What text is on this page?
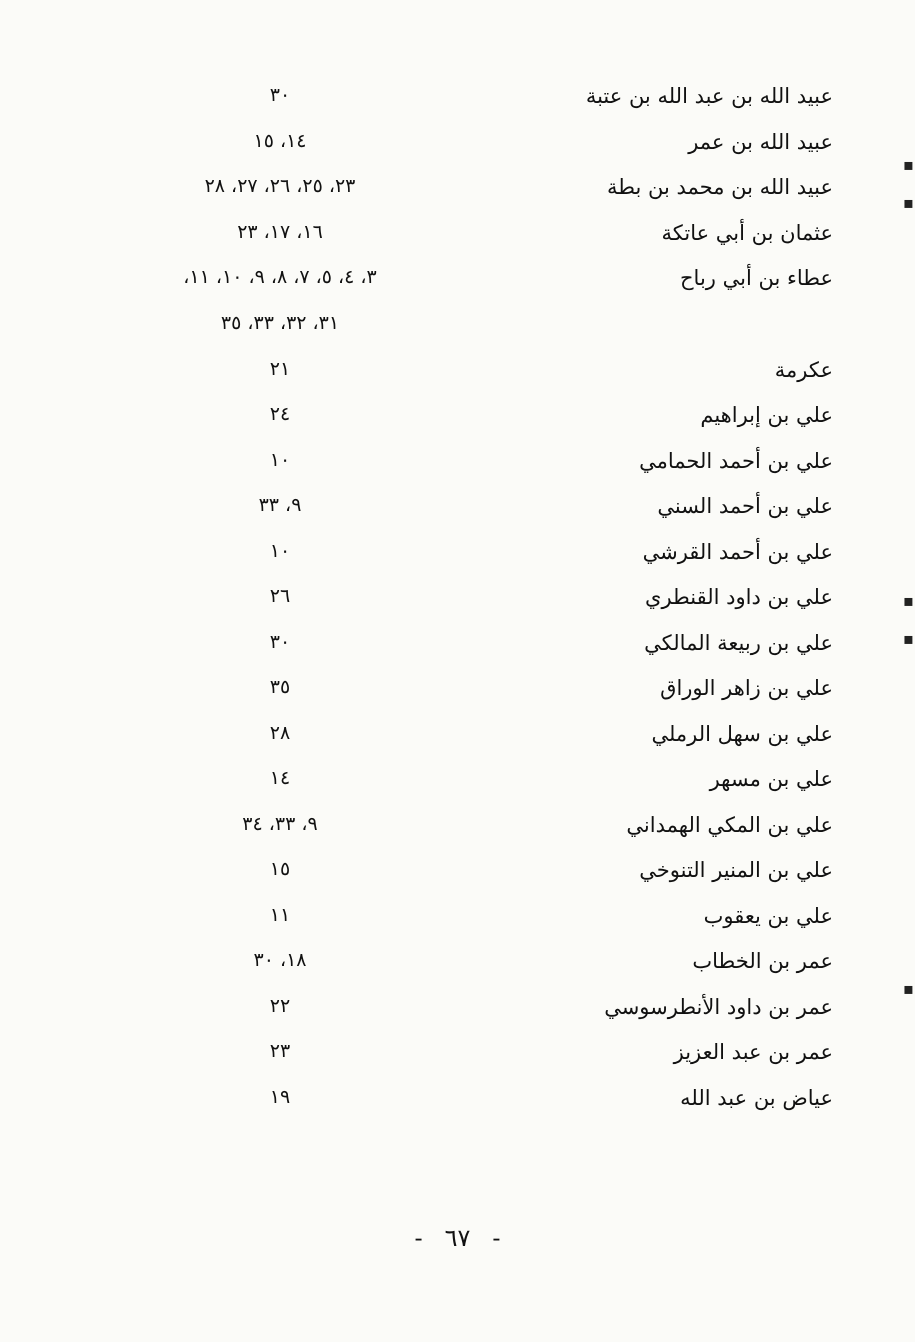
عبيد الله بن عبد الله بن عتبة
٣٠
عبيد الله بن عمر
١٤، ١٥
عبيد الله بن محمد بن بطة
٢٣، ٢٥، ٢٦، ٢٧، ٢٨
عثمان بن أبي عاتكة
١٦، ١٧، ٢٣
عطاء بن أبي رباح
٣، ٤، ٥، ٧، ٨، ٩، ١٠، ١١،
٣١، ٣٢، ٣٣، ٣٥
عكرمة
٢١
علي بن إبراهيم
٢٤
علي بن أحمد الحمامي
١٠
علي بن أحمد السني
٩، ٣٣
علي بن أحمد القرشي
١٠
علي بن داود القنطري
٢٦
علي بن ربيعة المالكي
٣٠
علي بن زاهر الوراق
٣٥
علي بن سهل الرملي
٢٨
علي بن مسهر
١٤
علي بن المكي الهمداني
٩، ٣٣، ٣٤
علي بن المنير التنوخي
١٥
علي بن يعقوب
١١
عمر بن الخطاب
١٨، ٣٠
عمر بن داود الأنطرسوسي
٢٢
عمر بن عبد العزيز
٢٣
عياض بن عبد الله
١٩
-٦٧-
▪
▪
▪
▪
▪
